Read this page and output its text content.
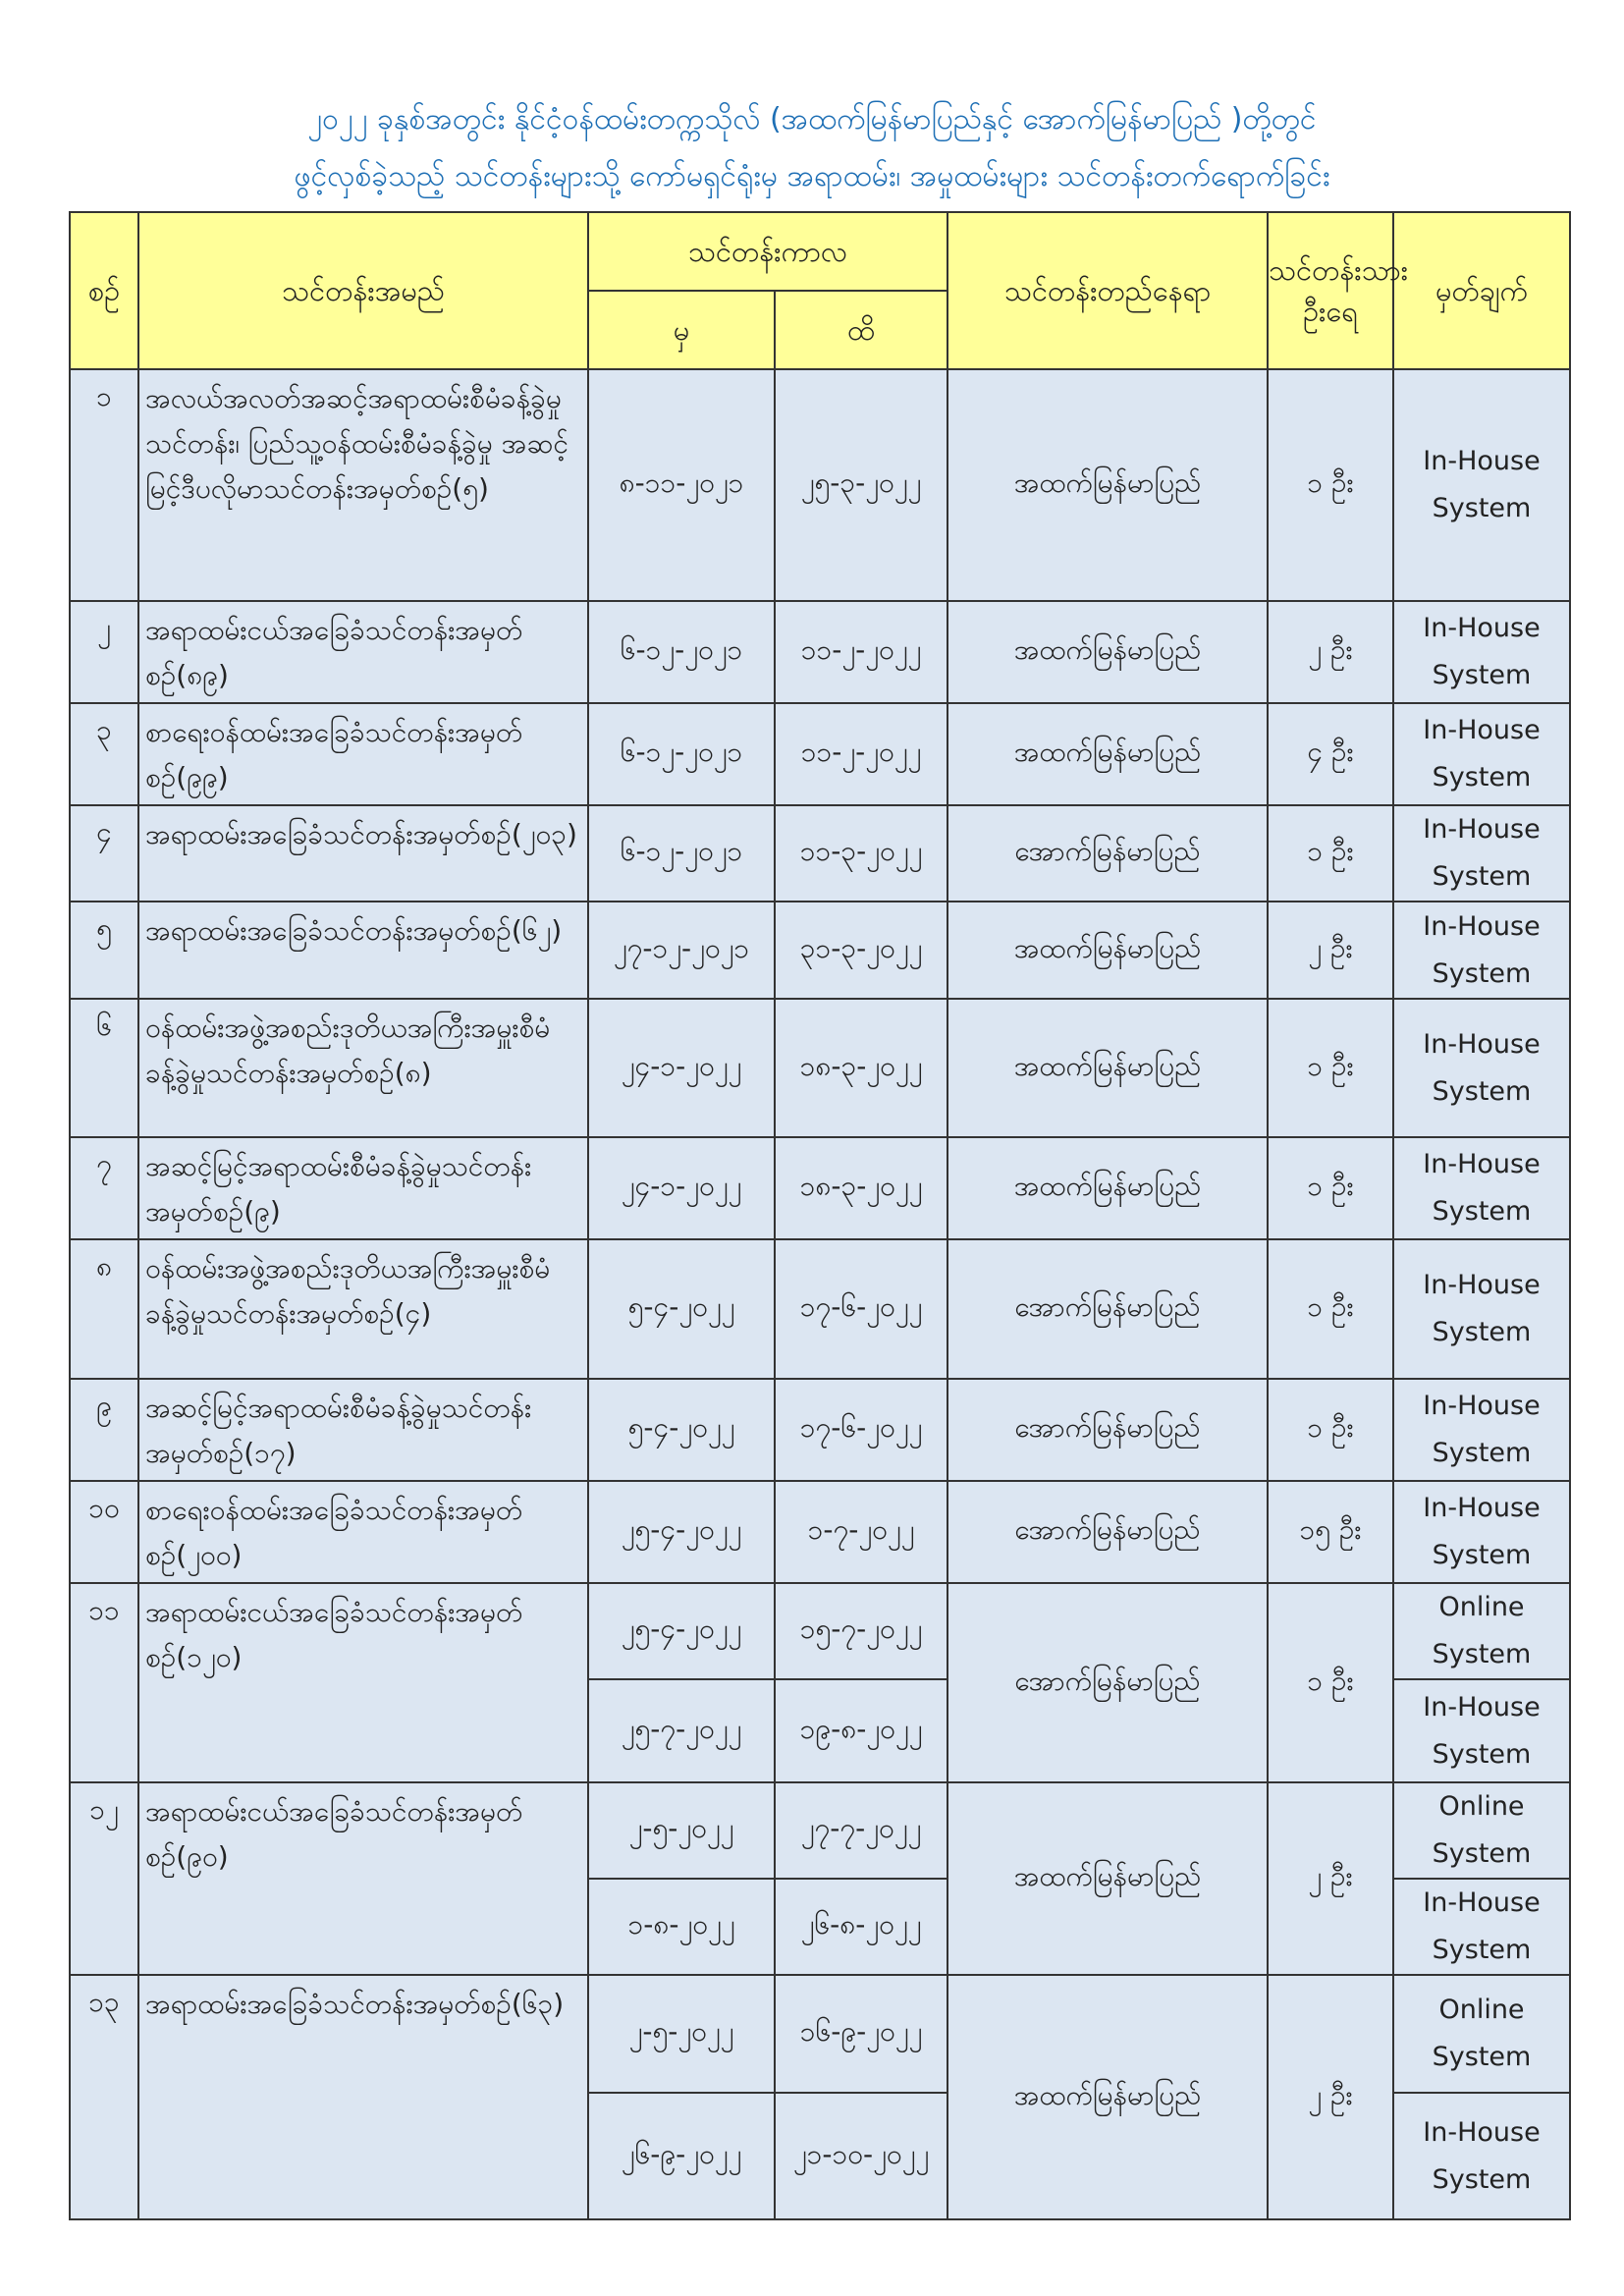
၂၀၂၂ ခုနှစ်အတွင်း နိုင်ငံ့ဝန်ထမ်းတက္ကသိုလ် (အထက်မြန်မာပြည်နှင့် အောက်မြန်မာပြည် )တို့တွင်
ဖွင့်လှစ်ခဲ့သည့် သင်တန်းများသို့ ကော်မရှင်ရုံးမှ အရာထမ်း၊ အမှုထမ်းများ သင်တန်းတက်ရောက်ခြင်း
စဉ်	သင်တန်းအမည်	သင်တန်းကာလ		သင်တန်းတည်နေရာ	သင်တန်းသားဦးရေ	မှတ်ချက်
		မှ	ထိ			
၁	အလယ်အလတ်အဆင့်အရာထမ်းစီမံခန့်ခွဲမှုသင်တန်း၊ ပြည်သူ့ဝန်ထမ်းစီမံခန့်ခွဲမှု အဆင့်မြင့်ဒီပလိုမာသင်တန်းအမှတ်စဉ်(၅)	၈-၁၁-၂၀၂၁	၂၅-၃-၂၀၂၂	အထက်မြန်မာပြည်	၁ ဦး	In-House System
၂	အရာထမ်းငယ်အခြေခံသင်တန်းအမှတ်စဉ်(၈၉)	၆-၁၂-၂၀၂၁	၁၁-၂-၂၀၂၂	အထက်မြန်မာပြည်	၂ ဦး	In-House System
၃	စာရေးဝန်ထမ်းအခြေခံသင်တန်းအမှတ်စဉ်(၉၉)	၆-၁၂-၂၀၂၁	၁၁-၂-၂၀၂၂	အထက်မြန်မာပြည်	၄ ဦး	In-House System
၄	အရာထမ်းအခြေခံသင်တန်းအမှတ်စဉ်(၂၀၃)	၆-၁၂-၂၀၂၁	၁၁-၃-၂၀၂၂	အောက်မြန်မာပြည်	၁ ဦး	In-House System
၅	အရာထမ်းအခြေခံသင်တန်းအမှတ်စဉ်(၆၂)	၂၇-၁၂-၂၀၂၁	၃၁-၃-၂၀၂၂	အထက်မြန်မာပြည်	၂ ဦး	In-House System
၆	ဝန်ထမ်းအဖွဲ့အစည်းဒုတိယအကြီးအမှူးစီမံခန့်ခွဲမှုသင်တန်းအမှတ်စဉ်(၈)	၂၄-၁-၂၀၂၂	၁၈-၃-၂၀၂၂	အထက်မြန်မာပြည်	၁ ဦး	In-House System
၇	အဆင့်မြင့်အရာထမ်းစီမံခန့်ခွဲမှုသင်တန်းအမှတ်စဉ်(၉)	၂၄-၁-၂၀၂၂	၁၈-၃-၂၀၂၂	အထက်မြန်မာပြည်	၁ ဦး	In-House System
၈	ဝန်ထမ်းအဖွဲ့အစည်းဒုတိယအကြီးအမှူးစီမံခန့်ခွဲမှုသင်တန်းအမှတ်စဉ်(၄)	၅-၄-၂၀၂၂	၁၇-၆-၂၀၂၂	အောက်မြန်မာပြည်	၁ ဦး	In-House System
၉	အဆင့်မြင့်အရာထမ်းစီမံခန့်ခွဲမှုသင်တန်းအမှတ်စဉ်(၁၇)	၅-၄-၂၀၂၂	၁၇-၆-၂၀၂၂	အောက်မြန်မာပြည်	၁ ဦး	In-House System
၁၀	စာရေးဝန်ထမ်းအခြေခံသင်တန်းအမှတ်စဉ်(၂၀၀)	၂၅-၄-၂၀၂၂	၁-၇-၂၀၂၂	အောက်မြန်မာပြည်	၁၅ ဦး	In-House System
၁၁	အရာထမ်းငယ်အခြေခံသင်တန်းအမှတ်စဉ်(၁၂၀)	၂၅-၄-၂၀၂၂	၁၅-၇-၂၀၂၂	အောက်မြန်မာပြည်	၁ ဦး	Online System
		၂၅-၇-၂၀၂၂	၁၉-၈-၂၀၂၂			In-House System
၁၂	အရာထမ်းငယ်အခြေခံသင်တန်းအမှတ်စဉ်(၉၀)	၂-၅-၂၀၂၂	၂၇-၇-၂၀၂၂	အထက်မြန်မာပြည်	၂ ဦး	Online System
		၁-၈-၂၀၂၂	၂၆-၈-၂၀၂၂			In-House System
၁၃	အရာထမ်းအခြေခံသင်တန်းအမှတ်စဉ်(၆၃)	၂-၅-၂၀၂၂	၁၆-၉-၂၀၂၂	အထက်မြန်မာပြည်	၂ ဦး	Online System
		၂၆-၉-၂၀၂၂	၂၁-၁၀-၂၀၂၂			In-House System
